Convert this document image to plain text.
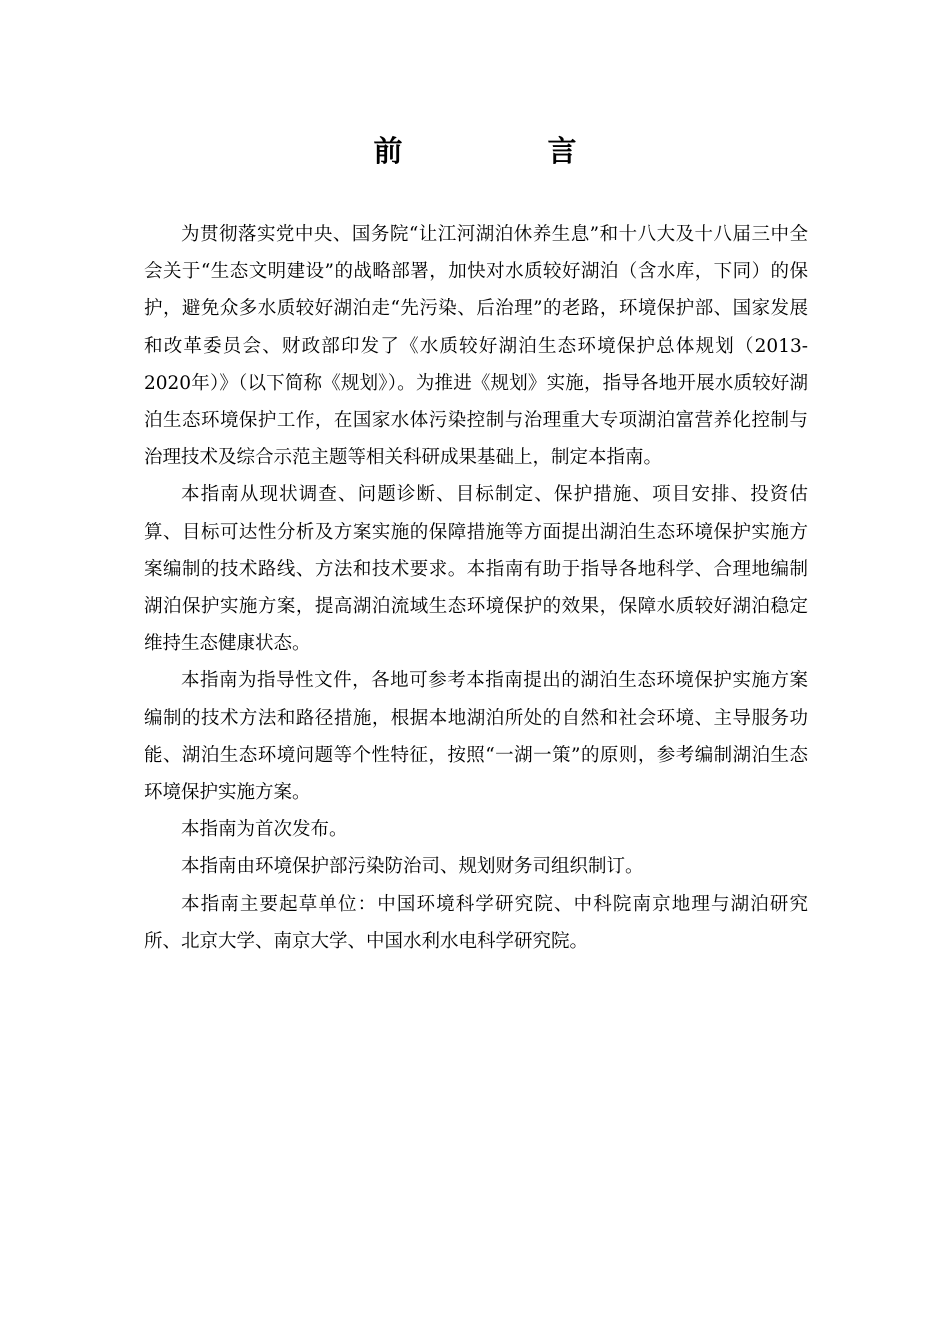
前　言

为贯彻落实党中央、国务院“让江河湖泊休养生息”和十八大及十八届三中全会关于“生态文明建设”的战略部署，加快对水质较好湖泊（含水库，下同）的保护，避免众多水质较好湖泊走“先污染、后治理”的老路，环境保护部、国家发展和改革委员会、财政部印发了《水质较好湖泊生态环境保护总体规划（2013-2020年）》（以下简称《规划》）。为推进《规划》实施，指导各地开展水质较好湖泊生态环境保护工作，在国家水体污染控制与治理重大专项湖泊富营养化控制与治理技术及综合示范主题等相关科研成果基础上，制定本指南。

本指南从现状调查、问题诊断、目标制定、保护措施、项目安排、投资估算、目标可达性分析及方案实施的保障措施等方面提出湖泊生态环境保护实施方案编制的技术路线、方法和技术要求。本指南有助于指导各地科学、合理地编制湖泊保护实施方案，提高湖泊流域生态环境保护的效果，保障水质较好湖泊稳定维持生态健康状态。

本指南为指导性文件，各地可参考本指南提出的湖泊生态环境保护实施方案编制的技术方法和路径措施，根据本地湖泊所处的自然和社会环境、主导服务功能、湖泊生态环境问题等个性特征，按照“一湖一策”的原则，参考编制湖泊生态环境保护实施方案。

本指南为首次发布。

本指南由环境保护部污染防治司、规划财务司组织制订。

本指南主要起草单位：中国环境科学研究院、中科院南京地理与湖泊研究所、北京大学、南京大学、中国水利水电科学研究院。
